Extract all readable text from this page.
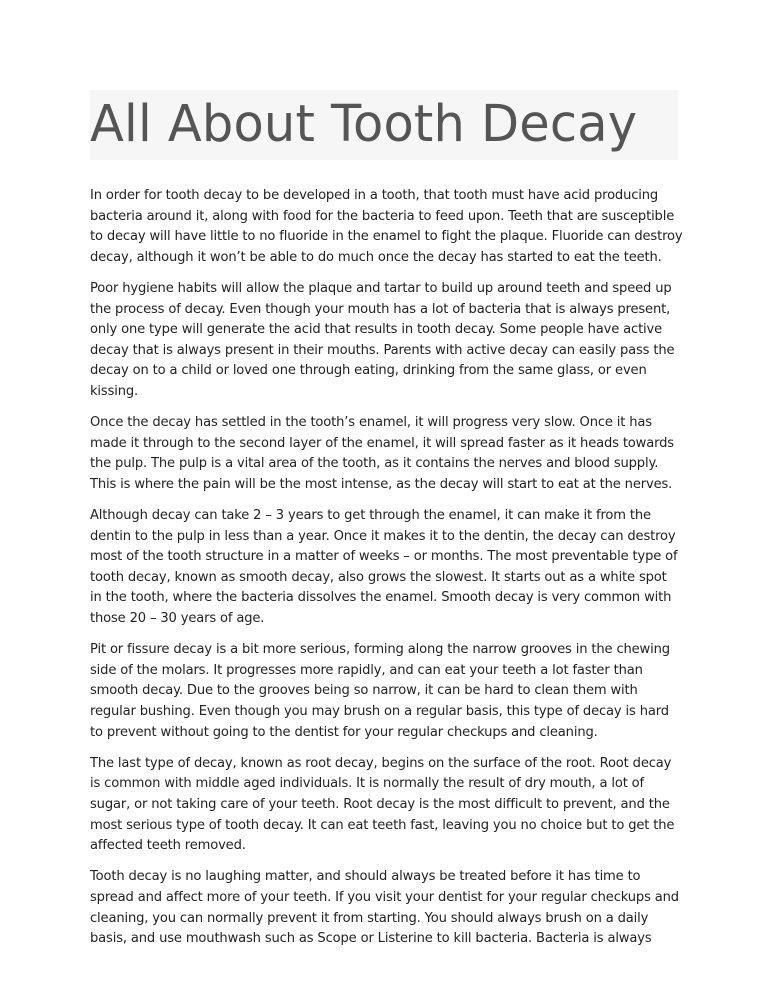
All About Tooth Decay
In order for tooth decay to be developed in a tooth, that tooth must have acid producing
bacteria around it, along with food for the bacteria to feed upon. Teeth that are susceptible
to decay will have little to no fluoride in the enamel to fight the plaque. Fluoride can destroy
decay, although it won’t be able to do much once the decay has started to eat the teeth.
Poor hygiene habits will allow the plaque and tartar to build up around teeth and speed up
the process of decay. Even though your mouth has a lot of bacteria that is always present,
only one type will generate the acid that results in tooth decay. Some people have active
decay that is always present in their mouths. Parents with active decay can easily pass the
decay on to a child or loved one through eating, drinking from the same glass, or even
kissing.
Once the decay has settled in the tooth’s enamel, it will progress very slow. Once it has
made it through to the second layer of the enamel, it will spread faster as it heads towards
the pulp. The pulp is a vital area of the tooth, as it contains the nerves and blood supply.
This is where the pain will be the most intense, as the decay will start to eat at the nerves.
Although decay can take 2 – 3 years to get through the enamel, it can make it from the
dentin to the pulp in less than a year. Once it makes it to the dentin, the decay can destroy
most of the tooth structure in a matter of weeks – or months. The most preventable type of
tooth decay, known as smooth decay, also grows the slowest. It starts out as a white spot
in the tooth, where the bacteria dissolves the enamel. Smooth decay is very common with
those 20 – 30 years of age.
Pit or fissure decay is a bit more serious, forming along the narrow grooves in the chewing
side of the molars. It progresses more rapidly, and can eat your teeth a lot faster than
smooth decay. Due to the grooves being so narrow, it can be hard to clean them with
regular bushing. Even though you may brush on a regular basis, this type of decay is hard
to prevent without going to the dentist for your regular checkups and cleaning.
The last type of decay, known as root decay, begins on the surface of the root. Root decay
is common with middle aged individuals. It is normally the result of dry mouth, a lot of
sugar, or not taking care of your teeth. Root decay is the most difficult to prevent, and the
most serious type of tooth decay. It can eat teeth fast, leaving you no choice but to get the
affected teeth removed.
Tooth decay is no laughing matter, and should always be treated before it has time to
spread and affect more of your teeth. If you visit your dentist for your regular checkups and
cleaning, you can normally prevent it from starting. You should always brush on a daily
basis, and use mouthwash such as Scope or Listerine to kill bacteria. Bacteria is always
